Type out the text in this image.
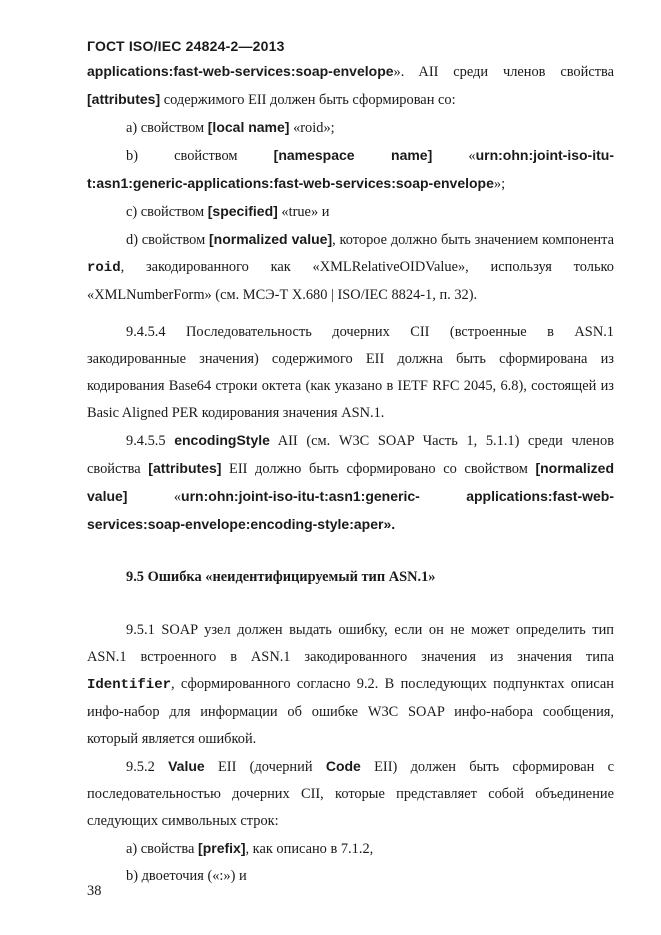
ГОСТ ISO/IEC 24824-2—2013

applications:fast-web-services:soap-envelope». AII среди членов свойства [attributes] содержимого EII должен быть сформирован со:

а) свойством [local name] «roid»;

b) свойством [namespace name] «urn:ohn:joint-iso-itu-

t:asn1:generic-applications:fast-web-services:soap-envelope»;

с) свойством [specified] «true» и

d) свойством [normalized value], которое должно быть значением компонента roid, закодированного как «XMLRelativeOIDValue», используя только «XMLNumberForm» (см. МСЭ-Т X.680 | ISO/IEC 8824-1, п. 32).

9.4.5.4 Последовательность дочерних CII (встроенные в ASN.1 закодированные значения) содержимого EII должна быть сформирована из кодирования Base64 строки октета (как указано в IETF RFC 2045, 6.8), состоящей из Basic Aligned PER кодирования значения ASN.1.

9.4.5.5 encodingStyle AII (см. W3C SOAP Часть 1, 5.1.1) среди членов свойства [attributes] EII должно быть сформировано со свойством [normalized value] «urn:ohn:joint-iso-itu-t:asn1:generic-	applications:fast-web-services:soap-envelope:encoding-style:aper».

9.5 Ошибка «неидентифицируемый тип ASN.1»

9.5.1 SOAP узел должен выдать ошибку, если он не может определить тип ASN.1 встроенного в ASN.1 закодированного значения из значения типа Identifier, сформированного согласно 9.2. В последующих подпунктах описан инфо-набор для информации об ошибке W3C SOAP инфо-набора сообщения, который является ошибкой.

9.5.2 Value EII (дочерний Code EII) должен быть сформирован с последовательностью дочерних CII, которые представляет собой объединение следующих символьных строк:

а) свойства [prefix], как описано в 7.1.2,

b) двоеточия («:») и

38
